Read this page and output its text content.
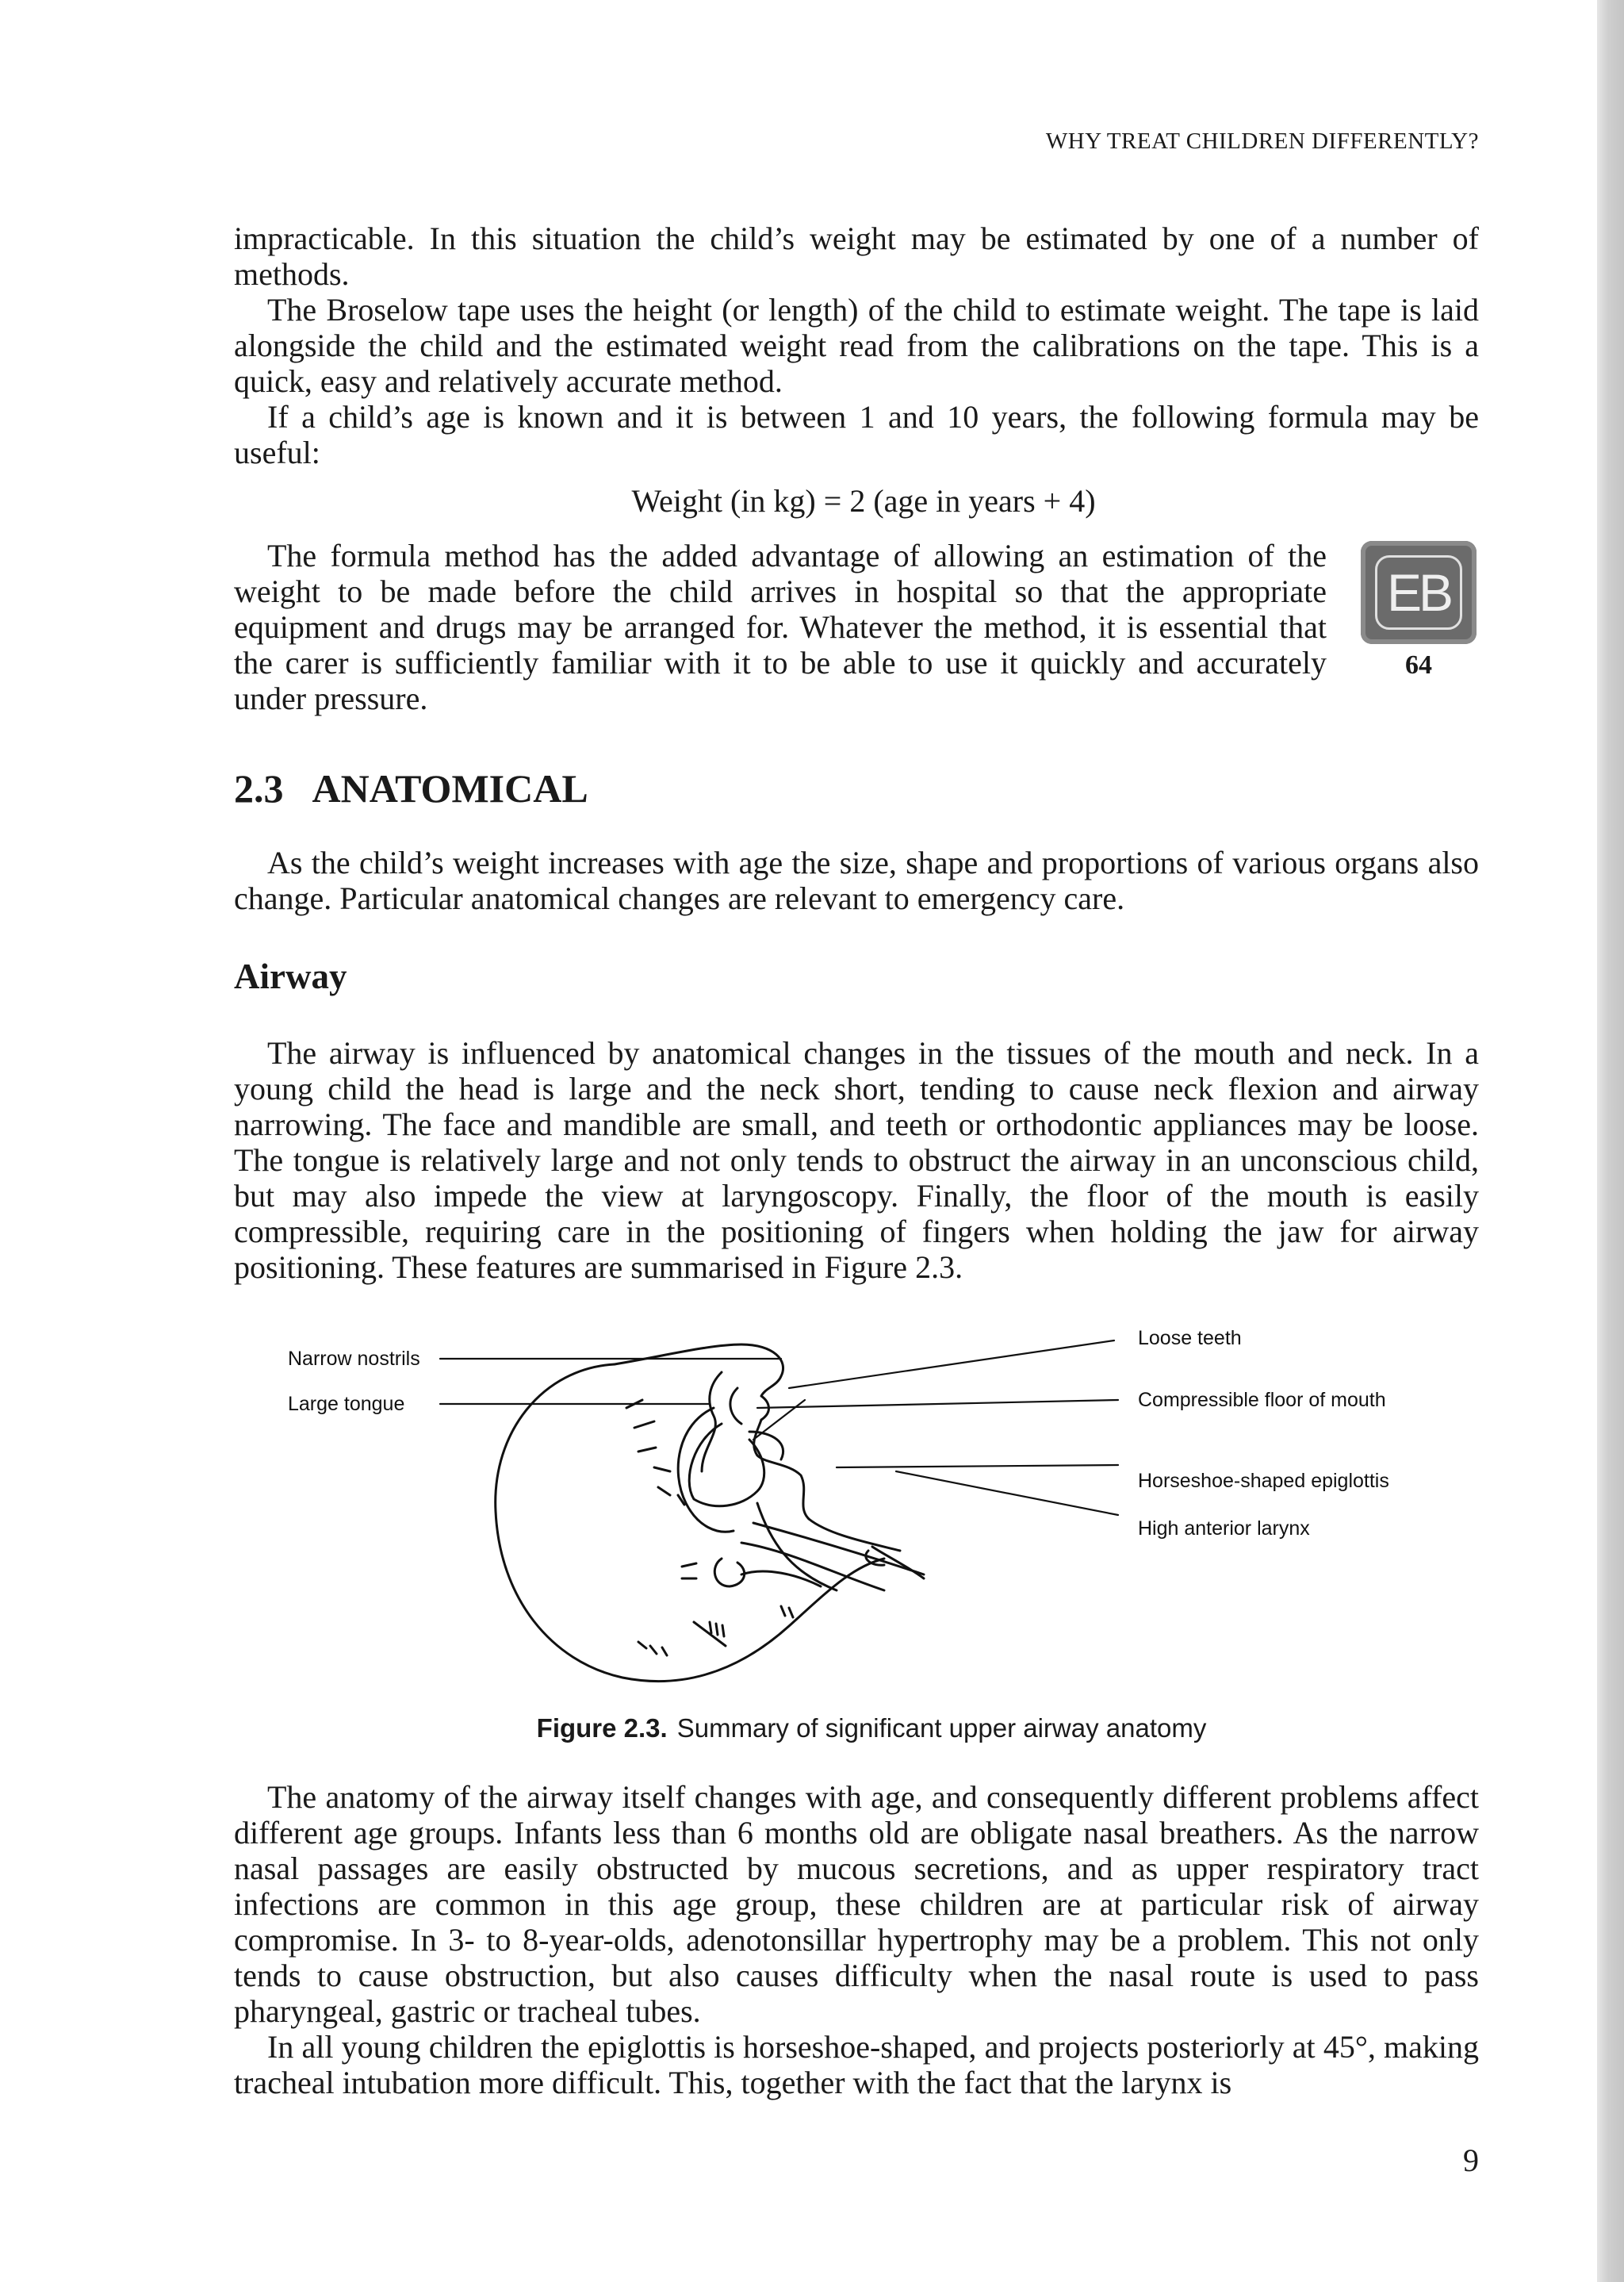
WHY TREAT CHILDREN DIFFERENTLY?

impracticable. In this situation the child’s weight may be estimated by one of a number of methods.

The Broselow tape uses the height (or length) of the child to estimate weight. The tape is laid alongside the child and the estimated weight read from the calibrations on the tape. This is a quick, easy and relatively accurate method.

If a child’s age is known and it is between 1 and 10 years, the following formula may be useful:

Weight (in kg) = 2 (age in years + 4)

The formula method has the added advantage of allowing an estimation of the weight to be made before the child arrives in hospital so that the appropriate equipment and drugs may be arranged for. Whatever the method, it is essential that the carer is sufficiently familiar with it to be able to use it quickly and accurately under pressure.

EB
64
2.3 ANATOMICAL

As the child’s weight increases with age the size, shape and proportions of various organs also change. Particular anatomical changes are relevant to emergency care.

Airway

The airway is influenced by anatomical changes in the tissues of the mouth and neck. In a young child the head is large and the neck short, tending to cause neck flexion and airway narrowing. The face and mandible are small, and teeth or orthodontic appliances may be loose. The tongue is relatively large and not only tends to obstruct the airway in an unconscious child, but may also impede the view at laryngoscopy. Finally, the floor of the mouth is easily compressible, requiring care in the positioning of fingers when holding the jaw for airway positioning. These features are summarised in Figure 2.3.

Narrow nostrils
Large tongue
Loose teeth
Compressible floor of mouth
Horseshoe-shaped epiglottis
High anterior larynx
Figure 2.3. Summary of significant upper airway anatomy

The anatomy of the airway itself changes with age, and consequently different problems affect different age groups. Infants less than 6 months old are obligate nasal breathers. As the narrow nasal passages are easily obstructed by mucous secretions, and as upper respiratory tract infections are common in this age group, these children are at particular risk of airway compromise. In 3- to 8-year-olds, adenotonsillar hypertrophy may be a problem. This not only tends to cause obstruction, but also causes difficulty when the nasal route is used to pass pharyngeal, gastric or tracheal tubes.

In all young children the epiglottis is horseshoe-shaped, and projects posteriorly at 45°, making tracheal intubation more difficult. This, together with the fact that the larynx is

9
